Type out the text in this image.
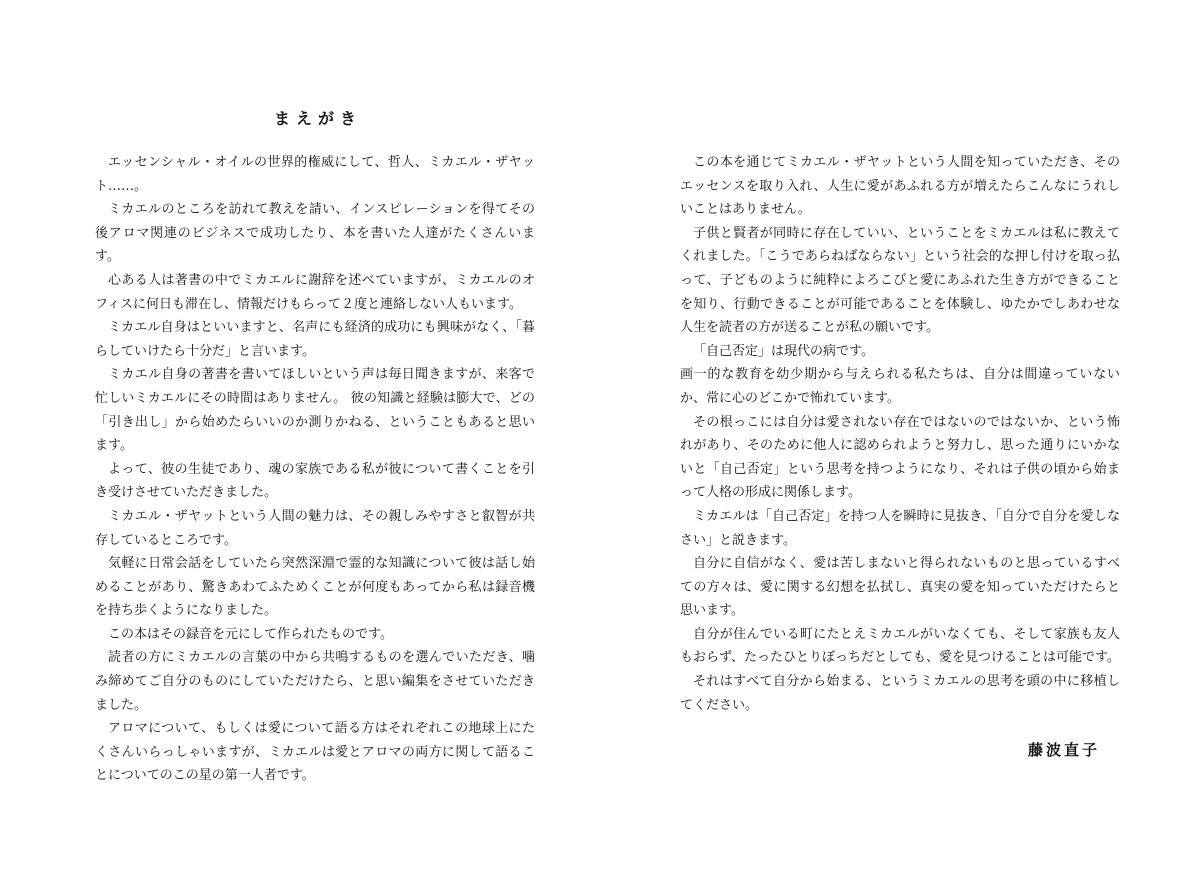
まえがき

エッセンシャル・オイルの世界的権威にして、哲人、ミカエル・ザヤット……。

ミカエルのところを訪れて教えを請い、インスピレーションを得てその後アロマ関連のビジネスで成功したり、本を書いた人達がたくさんいます。

心ある人は著書の中でミカエルに謝辞を述べていますが、ミカエルのオフィスに何日も滞在し、情報だけもらって２度と連絡しない人もいます。

ミカエル自身はといいますと、名声にも経済的成功にも興味がなく、「暮らしていけたら十分だ」と言います。

ミカエル自身の著書を書いてほしいという声は毎日聞きますが、来客で忙しいミカエルにその時間はありません。 彼の知識と経験は膨大で、どの「引き出し」から始めたらいいのか測りかねる、ということもあると思います。

よって、彼の生徒であり、魂の家族である私が彼について書くことを引き受けさせていただきました。

ミカエル・ザヤットという人間の魅力は、その親しみやすさと叡智が共存しているところです。

気軽に日常会話をしていたら突然深淵で霊的な知識について彼は話し始めることがあり、驚きあわてふためくことが何度もあってから私は録音機を持ち歩くようになりました。

この本はその録音を元にして作られたものです。

読者の方にミカエルの言葉の中から共鳴するものを選んでいただき、噛み締めてご自分のものにしていただけたら、と思い編集をさせていただきました。

アロマについて、もしくは愛について語る方はそれぞれこの地球上にたくさんいらっしゃいますが、ミカエルは愛とアロマの両方に関して語ることについてのこの星の第一人者です。

この本を通じてミカエル・ザヤットという人間を知っていただき、そのエッセンスを取り入れ、人生に愛があふれる方が増えたらこんなにうれしいことはありません。

子供と賢者が同時に存在していい、ということをミカエルは私に教えてくれました。「こうであらねばならない」という社会的な押し付けを取っ払って、子どものように純粋によろこびと愛にあふれた生き方ができることを知り、行動できることが可能であることを体験し、ゆたかでしあわせな人生を読者の方が送ることが私の願いです。

「自己否定」は現代の病です。

画一的な教育を幼少期から与えられる私たちは、自分は間違っていないか、常に心のどこかで怖れています。

その根っこには自分は愛されない存在ではないのではないか、という怖れがあり、そのために他人に認められようと努力し、思った通りにいかないと「自己否定」という思考を持つようになり、それは子供の頃から始まって人格の形成に関係します。

ミカエルは「自己否定」を持つ人を瞬時に見抜き、「自分で自分を愛しなさい」と説きます。

自分に自信がなく、愛は苦しまないと得られないものと思っているすべての方々は、愛に関する幻想を払拭し、真実の愛を知っていただけたらと思います。

自分が住んでいる町にたとえミカエルがいなくても、そして家族も友人もおらず、たったひとりぼっちだとしても、愛を見つけることは可能です。

それはすべて自分から始まる、というミカエルの思考を頭の中に移植してください。

藤波直子
